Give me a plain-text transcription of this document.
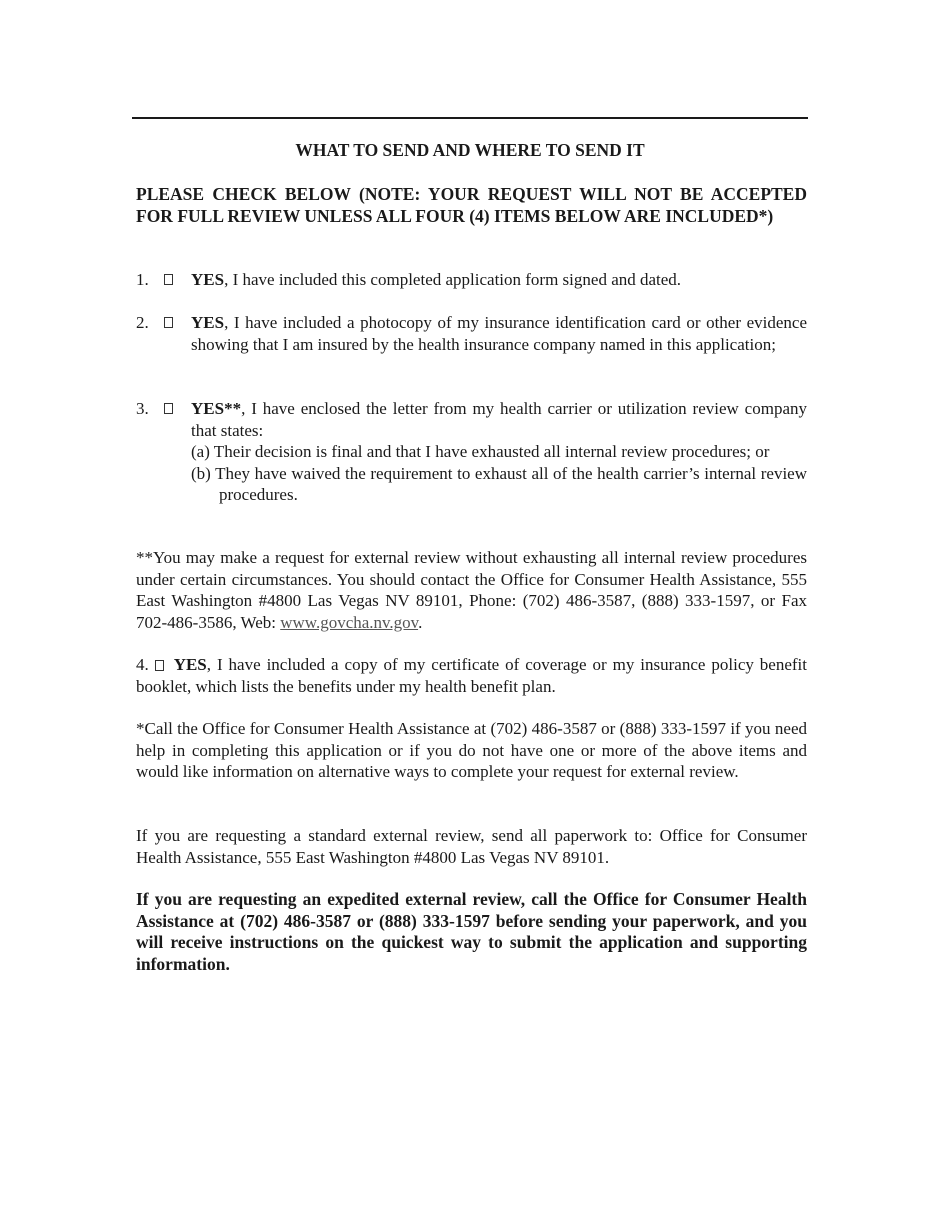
WHAT TO SEND AND WHERE TO SEND IT
PLEASE CHECK BELOW (NOTE: YOUR REQUEST WILL NOT BE ACCEPTED FOR FULL REVIEW UNLESS ALL FOUR (4) ITEMS BELOW ARE INCLUDED*)
1. YES, I have included this completed application form signed and dated.
2. YES, I have included a photocopy of my insurance identification card or other evidence showing that I am insured by the health insurance company named in this application;
3. YES**, I have enclosed the letter from my health carrier or utilization review company that states:
(a) Their decision is final and that I have exhausted all internal review procedures; or
(b) They have waived the requirement to exhaust all of the health carrier’s internal review procedures.
**You may make a request for external review without exhausting all internal review procedures under certain circumstances. You should contact the Office for Consumer Health Assistance, 555 East Washington #4800 Las Vegas NV 89101, Phone: (702) 486-3587, (888) 333-1597, or Fax 702-486-3586, Web: www.govcha.nv.gov.
4. YES, I have included a copy of my certificate of coverage or my insurance policy benefit booklet, which lists the benefits under my health benefit plan.
*Call the Office for Consumer Health Assistance at (702) 486-3587 or (888) 333-1597 if you need help in completing this application or if you do not have one or more of the above items and would like information on alternative ways to complete your request for external review.
If you are requesting a standard external review, send all paperwork to: Office for Consumer Health Assistance, 555 East Washington #4800 Las Vegas NV 89101.
If you are requesting an expedited external review, call the Office for Consumer Health Assistance at (702) 486-3587 or (888) 333-1597 before sending your paperwork, and you will receive instructions on the quickest way to submit the application and supporting information.
